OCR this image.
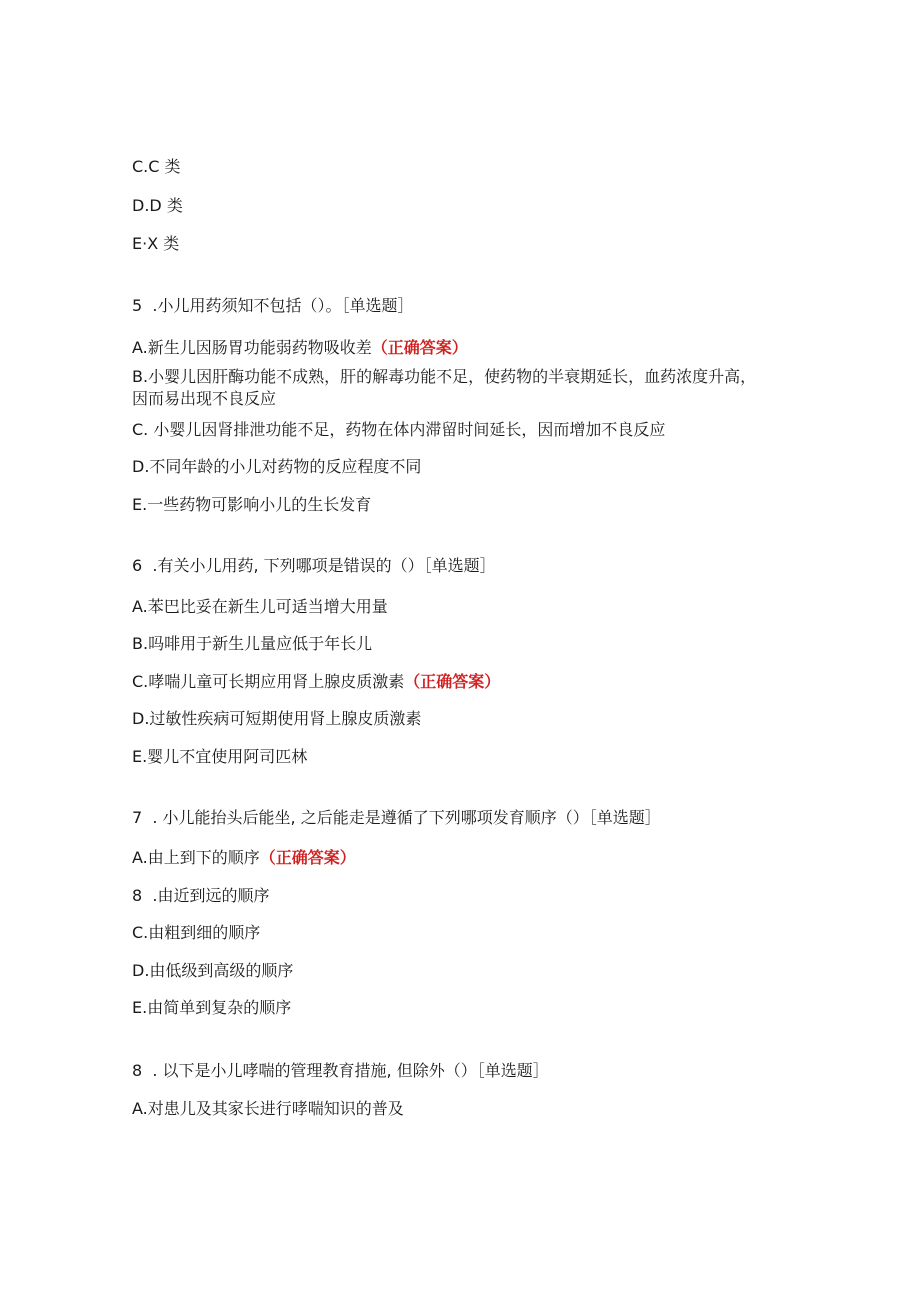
C.C 类
D.D 类
E·X 类
5  .小儿用药须知不包括（）。［单选题］
A.新生儿因肠胃功能弱药物吸收差（正确答案）
B.小婴儿因肝酶功能不成熟，肝的解毒功能不足，使药物的半衰期延长，血药浓度升高，因而易出现不良反应
C. 小婴儿因肾排泄功能不足，药物在体内滞留时间延长，因而增加不良反应
D.不同年龄的小儿对药物的反应程度不同
E.一些药物可影响小儿的生长发育
6  .有关小儿用药, 下列哪项是错误的（）［单选题］
A.苯巴比妥在新生儿可适当增大用量
B.吗啡用于新生儿量应低于年长儿
C.哮喘儿童可长期应用肾上腺皮质激素（正确答案）
D.过敏性疾病可短期使用肾上腺皮质激素
E.婴儿不宜使用阿司匹林
7  . 小儿能抬头后能坐, 之后能走是遵循了下列哪项发育顺序（）［单选题］
A.由上到下的顺序（正确答案）
8  .由近到远的顺序
C.由粗到细的顺序
D.由低级到高级的顺序
E.由简单到复杂的顺序
8  . 以下是小儿哮喘的管理教育措施, 但除外（）［单选题］
A.对患儿及其家长进行哮喘知识的普及
